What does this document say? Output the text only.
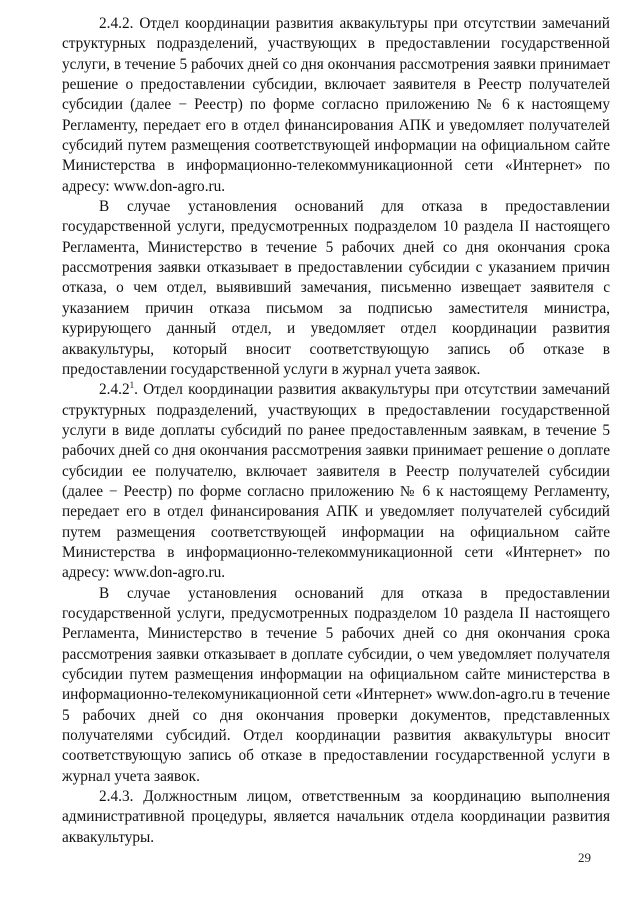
2.4.2. Отдел координации развития аквакультуры при отсутствии замечаний структурных подразделений, участвующих в предоставлении государственной услуги, в течение 5 рабочих дней со дня окончания рассмотрения заявки принимает решение о предоставлении субсидии, включает заявителя в Реестр получателей субсидии (далее − Реестр) по форме согласно приложению № 6 к настоящему Регламенту, передает его в отдел финансирования АПК и уведомляет получателей субсидий путем размещения соответствующей информации на официальном сайте Министерства в информационно-телекоммуникационной сети «Интернет» по адресу: www.don-agro.ru.

В случае установления оснований для отказа в предоставлении государственной услуги, предусмотренных подразделом 10 раздела II настоящего Регламента, Министерство в течение 5 рабочих дней со дня окончания срока рассмотрения заявки отказывает в предоставлении субсидии с указанием причин отказа, о чем отдел, выявивший замечания, письменно извещает заявителя с указанием причин отказа письмом за подписью заместителя министра, курирующего данный отдел, и уведомляет отдел координации развития аквакультуры, который вносит соответствующую запись об отказе в предоставлении государственной услуги в журнал учета заявок.

2.4.2$^1$. Отдел координации развития аквакультуры при отсутствии замечаний структурных подразделений, участвующих в предоставлении государственной услуги в виде доплаты субсидий по ранее предоставленным заявкам, в течение 5 рабочих дней со дня окончания рассмотрения заявки принимает решение о доплате субсидии ее получателю, включает заявителя в Реестр получателей субсидии (далее − Реестр) по форме согласно приложению № 6 к настоящему Регламенту, передает его в отдел финансирования АПК и уведомляет получателей субсидий путем размещения соответствующей информации на официальном сайте Министерства в информационно-телекоммуникационной сети «Интернет» по адресу: www.don-agro.ru.

В случае установления оснований для отказа в предоставлении государственной услуги, предусмотренных подразделом 10 раздела II настоящего Регламента, Министерство в течение 5 рабочих дней со дня окончания срока рассмотрения заявки отказывает в доплате субсидии, о чем уведомляет получателя субсидии путем размещения информации на официальном сайте министерства в информационно-телекомуникационной сети «Интернет» www.don-agro.ru в течение 5 рабочих дней со дня окончания проверки документов, представленных получателями субсидий. Отдел координации развития аквакультуры вносит соответствующую запись об отказе в предоставлении государственной услуги в журнал учета заявок.

2.4.3. Должностным лицом, ответственным за координацию выполнения административной процедуры, является начальник отдела координации развития аквакультуры.

29
